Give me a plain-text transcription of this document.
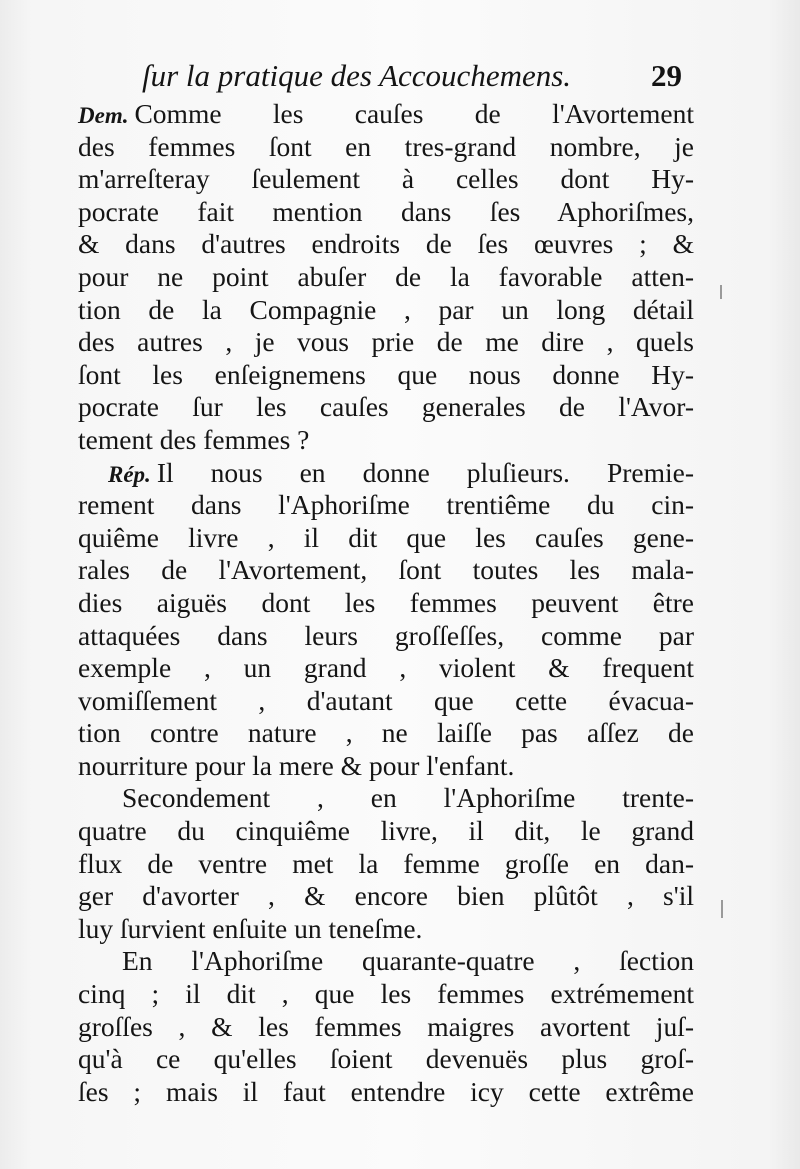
ſur la pratique des Accouchemens.	29
Dem. Comme les cauſes de l'Avortement
des femmes ſont en tres-grand nombre, je
m'arreſteray ſeulement à celles dont Hy-
pocrate fait mention dans ſes Aphoriſmes,
& dans d'autres endroits de ſes œuvres ; &
pour ne point abuſer de la favorable atten-
tion de la Compagnie , par un long détail
des autres , je vous prie de me dire , quels
ſont les enſeignemens que nous donne Hy-
pocrate ſur les cauſes generales de l'Avor-
tement des femmes ?
Rép. Il nous en donne pluſieurs. Premie-
rement dans l'Aphoriſme trentiême du cin-
quiême livre , il dit que les cauſes gene-
rales de l'Avortement, ſont toutes les mala-
dies aiguës dont les femmes peuvent être
attaquées dans leurs groſſeſſes, comme par
exemple , un grand , violent & frequent
vomiſſement , d'autant que cette évacua-
tion contre nature , ne laiſſe pas aſſez de
nourriture pour la mere & pour l'enfant.
Secondement , en l'Aphoriſme trente-
quatre du cinquiême livre, il dit, le grand
flux de ventre met la femme groſſe en dan-
ger d'avorter , & encore bien plûtôt , s'il
luy ſurvient enſuite un teneſme.
En l'Aphoriſme quarante-quatre , ſection
cinq ; il dit , que les femmes extrémement
groſſes , & les femmes maigres avortent juſ-
qu'à ce qu'elles ſoient devenuës plus groſ-
ſes ; mais il faut entendre icy cette extrême
